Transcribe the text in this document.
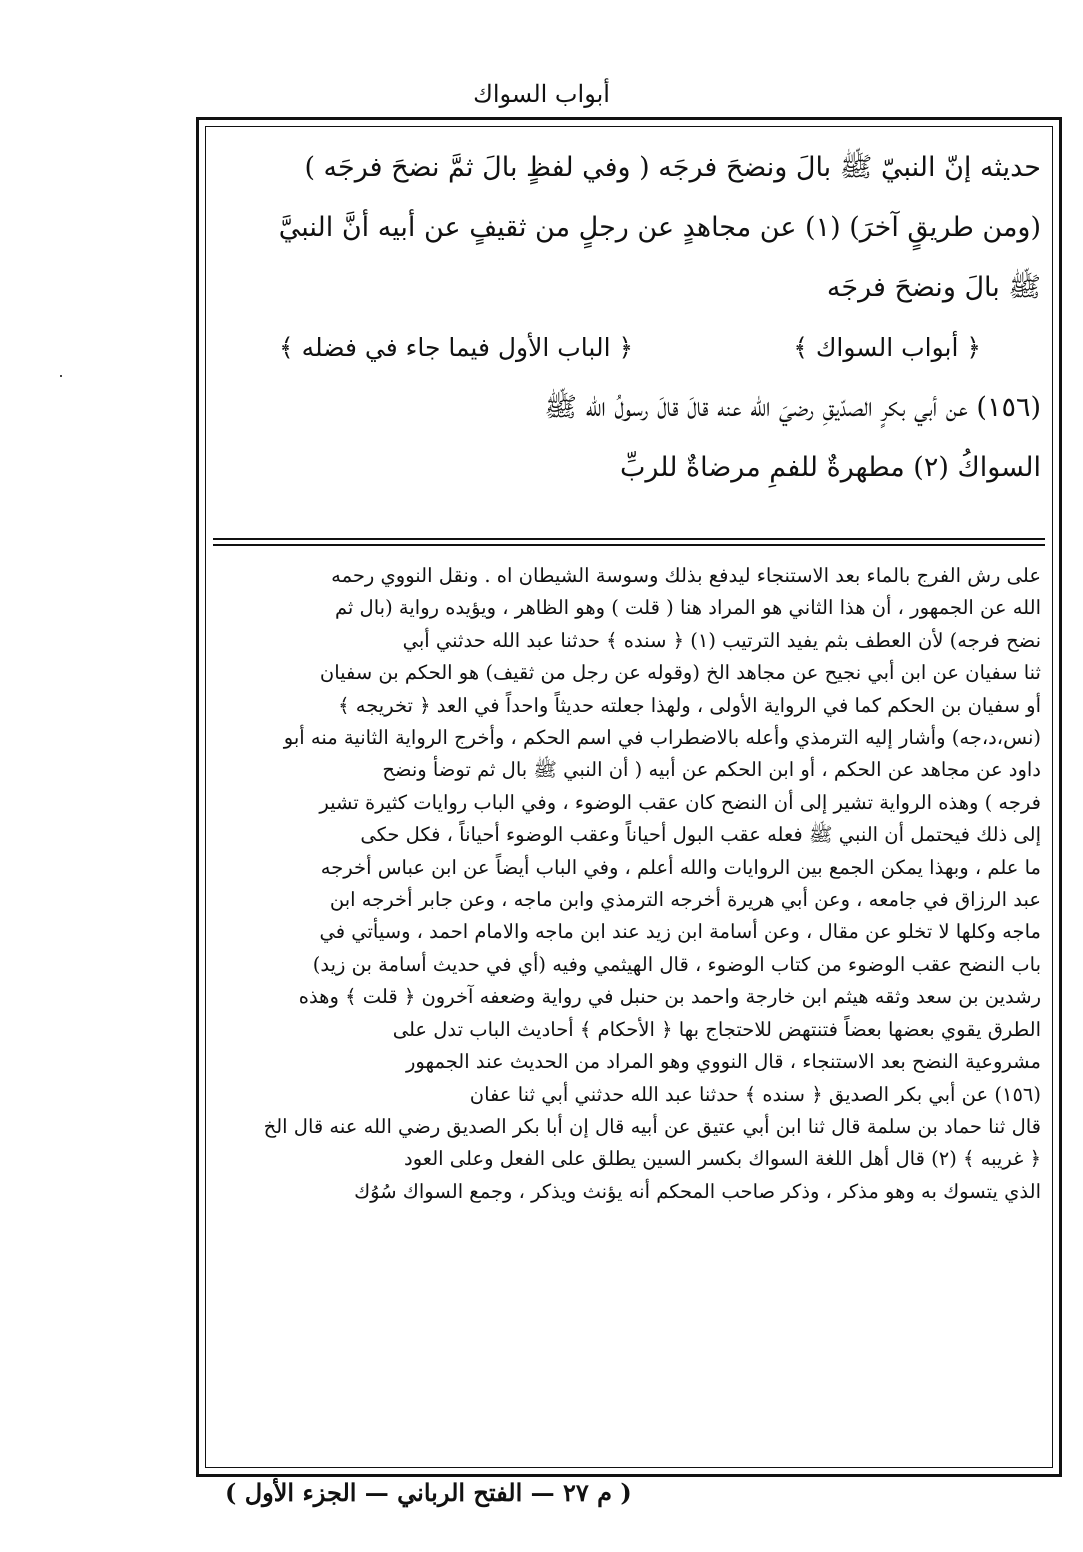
أبواب السواك

حديثه إنّ النبيّ ﷺ بالَ ونضحَ فرجَه ( وفي لفظٍ بالَ ثمَّ نضحَ فرجَه )

(ومن طريقٍ آخرَ) (١) عن مجاهدٍ عن رجلٍ من ثقيفٍ عن أبيه أنَّ النبيَّ

ﷺ بالَ ونضحَ فرجَه

﴿ أبواب السواك ﴾
﴿ الباب الأول فيما جاء في فضله ﴾

(١٥٦) عن أبي بكرٍ الصدّيقِ رضيَ الله عنه قالَ قالَ رسولُ الله ﷺ

السواكُ (٢) مطهرةٌ للفمِ مرضاةٌ للربِّ

على رش الفرج بالماء بعد الاستنجاء ليدفع بذلك وسوسة الشيطان اه . ونقل النووي رحمه

الله عن الجمهور ، أن هذا الثاني هو المراد هنا ( قلت ) وهو الظاهر ، ويؤيده رواية (بال ثم

نضح فرجه) لأن العطف بثم يفيد الترتيب (١) ﴿ سنده ﴾ حدثنا عبد الله حدثني أبي

ثنا سفيان عن ابن أبي نجيح عن مجاهد الخ (وقوله عن رجل من ثقيف) هو الحكم بن سفيان

أو سفيان بن الحكم كما في الرواية الأولى ، ولهذا جعلته حديثاً واحداً في العد ﴿ تخريجه ﴾

(نس،د،جه) وأشار إليه الترمذي وأعله بالاضطراب في اسم الحكم ، وأخرج الرواية الثانية منه أبو

داود عن مجاهد عن الحكم ، أو ابن الحكم عن أبيه ( أن النبي ﷺ بال ثم توضأ ونضح

فرجه ) وهذه الرواية تشير إلى أن النضح كان عقب الوضوء ، وفي الباب روايات كثيرة تشير

إلى ذلك فيحتمل أن النبي ﷺ فعله عقب البول أحياناً وعقب الوضوء أحياناً ، فكل حكى

ما علم ، وبهذا يمكن الجمع بين الروايات والله أعلم ، وفي الباب أيضاً عن ابن عباس أخرجه

عبد الرزاق في جامعه ، وعن أبي هريرة أخرجه الترمذي وابن ماجه ، وعن جابر أخرجه ابن

ماجه وكلها لا تخلو عن مقال ، وعن أسامة ابن زيد عند ابن ماجه والامام احمد ، وسيأتي في

باب النضح عقب الوضوء من كتاب الوضوء ، قال الهيثمي وفيه (أي في حديث أسامة بن زيد)

رشدين بن سعد وثقه هيثم ابن خارجة واحمد بن حنبل في رواية وضعفه آخرون ﴿ قلت ﴾ وهذه

الطرق يقوي بعضها بعضاً فتنتهض للاحتجاج بها ﴿ الأحكام ﴾ أحاديث الباب تدل على

مشروعية النضح بعد الاستنجاء ، قال النووي وهو المراد من الحديث عند الجمهور

(١٥٦) عن أبي بكر الصديق ﴿ سنده ﴾ حدثنا عبد الله حدثني أبي ثنا عفان

قال ثنا حماد بن سلمة قال ثنا ابن أبي عتيق عن أبيه قال إن أبا بكر الصديق رضي الله عنه قال الخ

﴿ غريبه ﴾ (٢) قال أهل اللغة السواك بكسر السين يطلق على الفعل وعلى العود

الذي يتسوك به وهو مذكر ، وذكر صاحب المحكم أنه يؤنث ويذكر ، وجمع السواك سُوُك

( م ٢٧ — الفتح الرباني — الجزء الأول )
